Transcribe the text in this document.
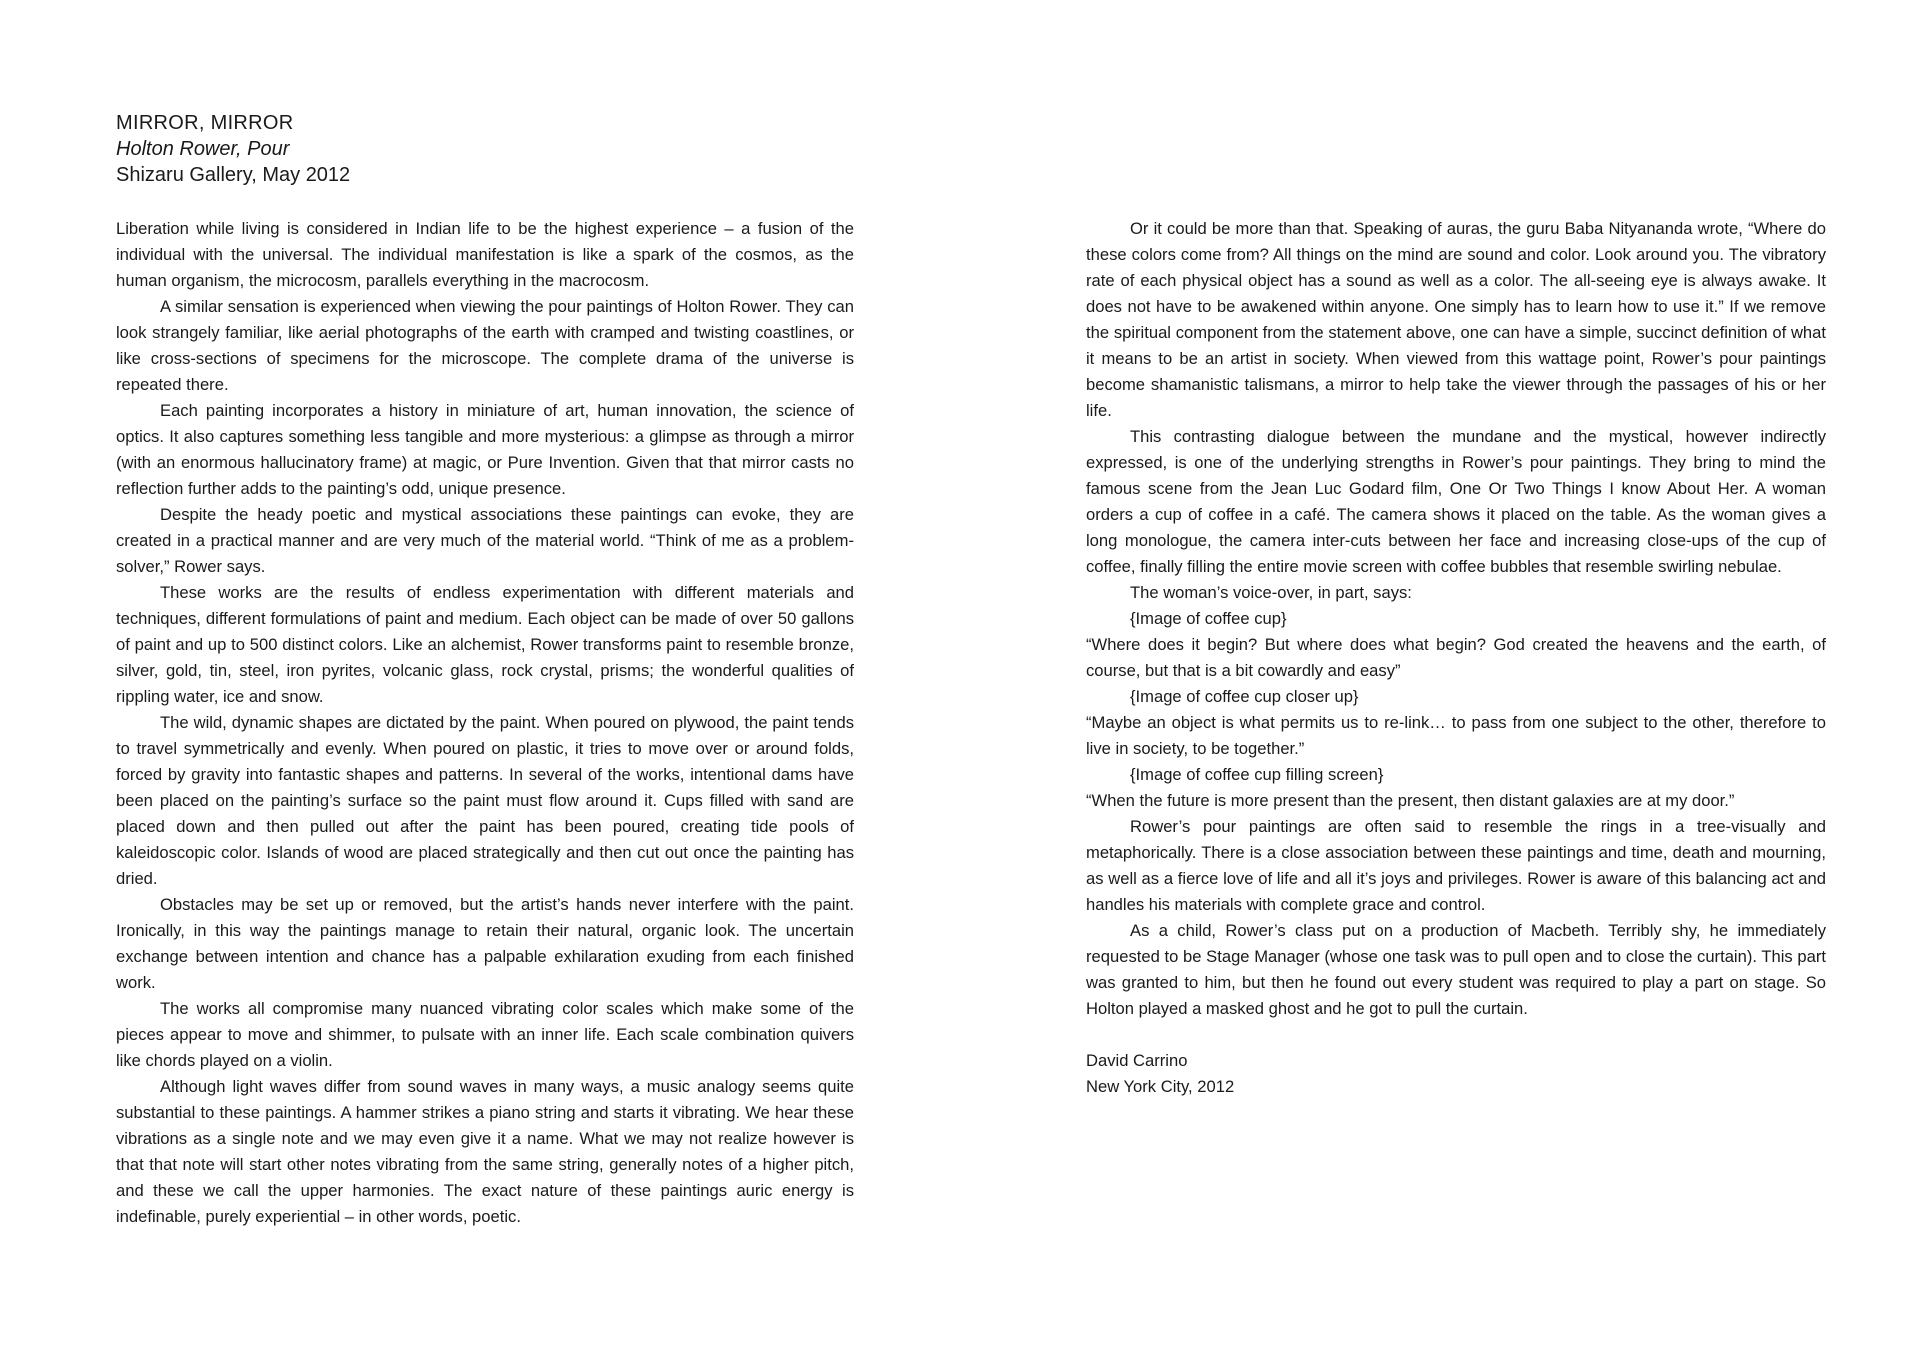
MIRROR, MIRROR

Holton Rower, Pour

Shizaru Gallery, May 2012

Liberation while living is considered in Indian life to be the highest experience – a fusion of the individual with the universal. The individual manifestation is like a spark of the cosmos, as the human organism, the microcosm, parallels everything in the macrocosm.

A similar sensation is experienced when viewing the pour paintings of Holton Rower. They can look strangely familiar, like aerial photographs of the earth with cramped and twisting coastlines, or like cross-sections of specimens for the microscope. The complete drama of the universe is repeated there.

Each painting incorporates a history in miniature of art, human innovation, the science of optics. It also captures something less tangible and more mysterious: a glimpse as through a mirror (with an enormous hallucinatory frame) at magic, or Pure Invention. Given that that mirror casts no reflection further adds to the painting’s odd, unique presence.

Despite the heady poetic and mystical associations these paintings can evoke, they are created in a practical manner and are very much of the material world. “Think of me as a problem-solver,” Rower says.

These works are the results of endless experimentation with different materials and techniques, different formulations of paint and medium. Each object can be made of over 50 gallons of paint and up to 500 distinct colors. Like an alchemist, Rower transforms paint to resemble bronze, silver, gold, tin, steel, iron pyrites, volcanic glass, rock crystal, prisms; the wonderful qualities of rippling water, ice and snow.

The wild, dynamic shapes are dictated by the paint. When poured on plywood, the paint tends to travel symmetrically and evenly. When poured on plastic, it tries to move over or around folds, forced by gravity into fantastic shapes and patterns. In several of the works, intentional dams have been placed on the painting’s surface so the paint must flow around it. Cups filled with sand are placed down and then pulled out after the paint has been poured, creating tide pools of kaleidoscopic color. Islands of wood are placed strategically and then cut out once the painting has dried.

Obstacles may be set up or removed, but the artist’s hands never interfere with the paint. Ironically, in this way the paintings manage to retain their natural, organic look. The uncertain exchange between intention and chance has a palpable exhilaration exuding from each finished work.

The works all compromise many nuanced vibrating color scales which make some of the pieces appear to move and shimmer, to pulsate with an inner life. Each scale combination quivers like chords played on a violin.

Although light waves differ from sound waves in many ways, a music analogy seems quite substantial to these paintings. A hammer strikes a piano string and starts it vibrating. We hear these vibrations as a single note and we may even give it a name. What we may not realize however is that that note will start other notes vibrating from the same string, generally notes of a higher pitch, and these we call the upper harmonies. The exact nature of these paintings auric energy is indefinable, purely experiential – in other words, poetic.

Or it could be more than that. Speaking of auras, the guru Baba Nityananda wrote, “Where do these colors come from? All things on the mind are sound and color. Look around you. The vibratory rate of each physical object has a sound as well as a color. The all-seeing eye is always awake. It does not have to be awakened within anyone. One simply has to learn how to use it.” If we remove the spiritual component from the statement above, one can have a simple, succinct definition of what it means to be an artist in society. When viewed from this wattage point, Rower’s pour paintings become shamanistic talismans, a mirror to help take the viewer through the passages of his or her life.

This contrasting dialogue between the mundane and the mystical, however indirectly expressed, is one of the underlying strengths in Rower’s pour paintings. They bring to mind the famous scene from the Jean Luc Godard film, One Or Two Things I know About Her. A woman orders a cup of coffee in a café. The camera shows it placed on the table. As the woman gives a long monologue, the camera inter-cuts between her face and increasing close-ups of the cup of coffee, finally filling the entire movie screen with coffee bubbles that resemble swirling nebulae.

The woman’s voice-over, in part, says:

{Image of coffee cup}

“Where does it begin? But where does what begin? God created the heavens and the earth, of course, but that is a bit cowardly and easy”

{Image of coffee cup closer up}

“Maybe an object is what permits us to re-link… to pass from one subject to the other, therefore to live in society, to be together.”

{Image of coffee cup filling screen}

“When the future is more present than the present, then distant galaxies are at my door.”

Rower’s pour paintings are often said to resemble the rings in a tree-visually and metaphorically. There is a close association between these paintings and time, death and mourning, as well as a fierce love of life and all it’s joys and privileges. Rower is aware of this balancing act and handles his materials with complete grace and control.

As a child, Rower’s class put on a production of Macbeth. Terribly shy, he immediately requested to be Stage Manager (whose one task was to pull open and to close the curtain). This part was granted to him, but then he found out every student was required to play a part on stage. So Holton played a masked ghost and he got to pull the curtain.

David Carrino
New York City, 2012
